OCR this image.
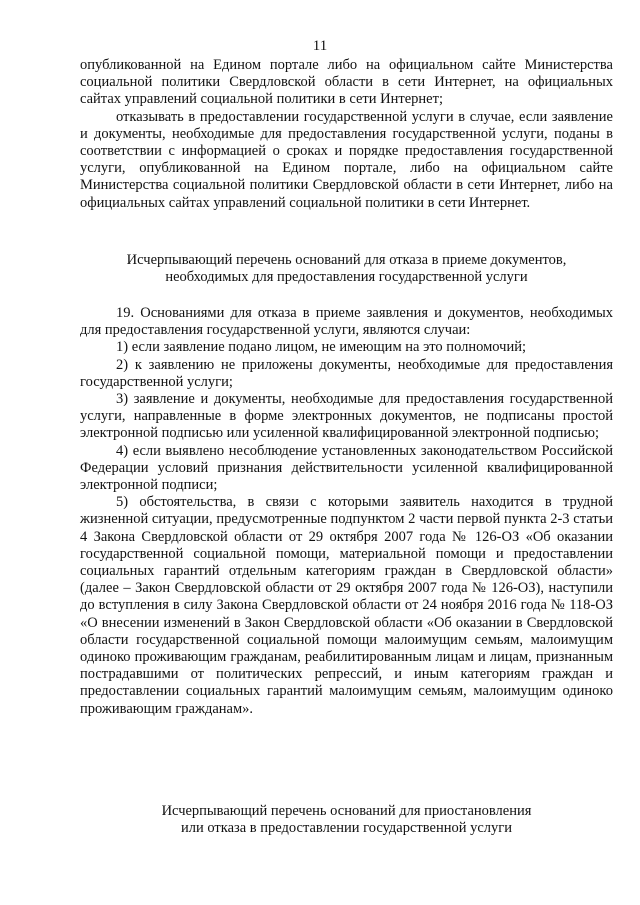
11

опубликованной на Едином портале либо на официальном сайте Министерства социальной политики Свердловской области в сети Интернет, на официальных сайтах управлений социальной политики в сети Интернет;

отказывать в предоставлении государственной услуги в случае, если заявление и документы, необходимые для предоставления государственной услуги, поданы в соответствии с информацией о сроках и порядке предоставления государственной услуги, опубликованной на Едином портале, либо на официальном сайте Министерства социальной политики Свердловской области в сети Интернет, либо на официальных сайтах управлений социальной политики в сети Интернет.

Исчерпывающий перечень оснований для отказа в приеме документов,
необходимых для предоставления государственной услуги

19. Основаниями для отказа в приеме заявления и документов, необходимых для предоставления государственной услуги, являются случаи:

1) если заявление подано лицом, не имеющим на это полномочий;

2) к заявлению не приложены документы, необходимые для предоставления государственной услуги;

3) заявление и документы, необходимые для предоставления государственной услуги, направленные в форме электронных документов, не подписаны простой электронной подписью или усиленной квалифицированной электронной подписью;

4) если выявлено несоблюдение установленных законодательством Российской Федерации условий признания действительности усиленной квалифицированной электронной подписи;

5) обстоятельства, в связи с которыми заявитель находится в трудной жизненной ситуации, предусмотренные подпунктом 2 части первой пункта 2-3 статьи 4 Закона Свердловской области от 29 октября 2007 года № 126-ОЗ «Об оказании государственной социальной помощи, материальной помощи и предоставлении социальных гарантий отдельным категориям граждан в Свердловской области» (далее – Закон Свердловской области от 29 октября 2007 года № 126-ОЗ), наступили до вступления в силу Закона Свердловской области от 24 ноября 2016 года № 118-ОЗ «О внесении изменений в Закон Свердловской области «Об оказании в Свердловской области государственной социальной помощи малоимущим семьям, малоимущим одиноко проживающим гражданам, реабилитированным лицам и лицам, признанным пострадавшими от политических репрессий, и иным категориям граждан и предоставлении социальных гарантий малоимущим семьям, малоимущим одиноко проживающим гражданам».

Исчерпывающий перечень оснований для приостановления
или отказа в предоставлении государственной услуги
